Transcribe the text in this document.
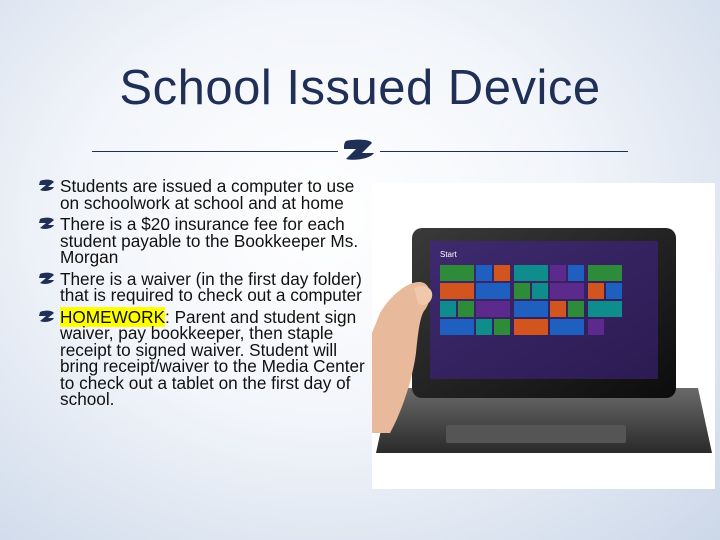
School Issued Device
Students are issued a computer to use on schoolwork at school and at home
There is a $20 insurance fee for each student payable to the Bookkeeper Ms. Morgan
There is a waiver (in the first day folder) that is required to check out a computer
HOMEWORK: Parent and student sign waiver, pay bookkeeper, then staple receipt to signed waiver. Student will bring receipt/waiver to the Media Center to check out a tablet on the first day of school.
Start
